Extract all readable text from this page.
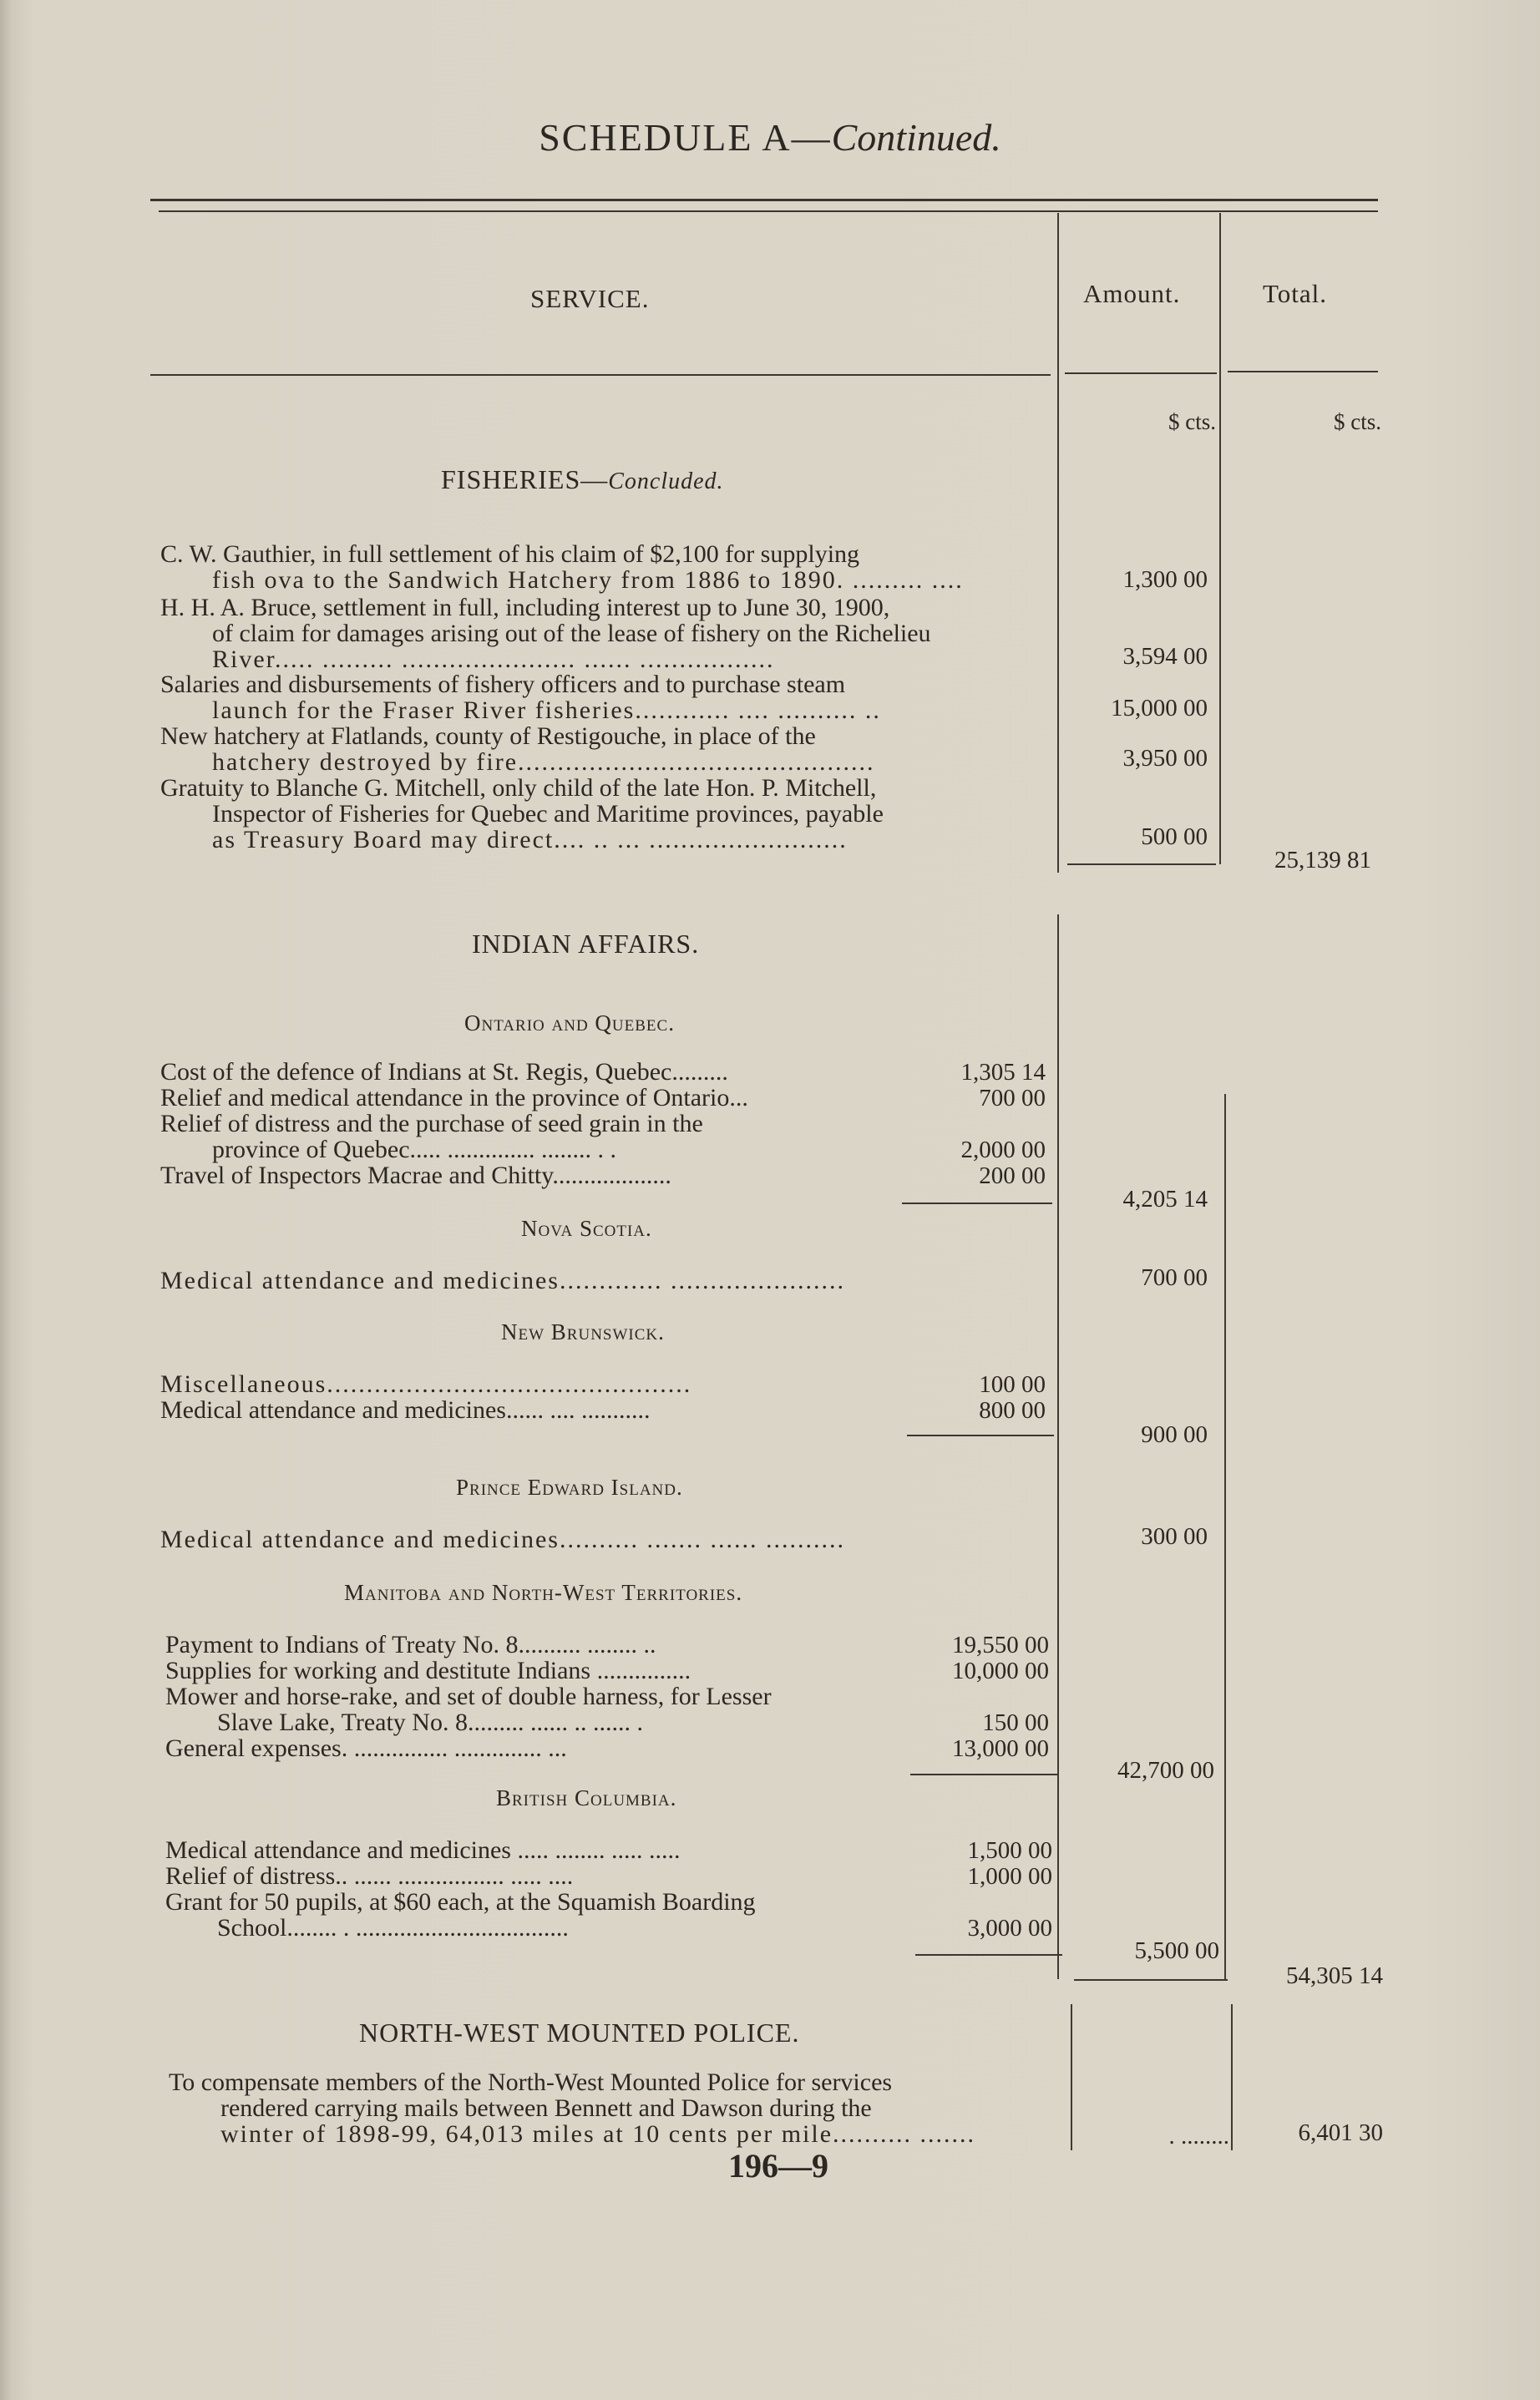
SCHEDULE A—Continued.
SERVICE.	Amount.	Total.
$ cts.	$ cts.
FISHERIES—Concluded.
C. W. Gauthier, in full settlement of his claim of $2,100 for supplying
fish ova to the Sandwich Hatchery from 1886 to 1890. ......... ....	1,300 00
H. H. A. Bruce, settlement in full, including interest up to June 30, 1900,
of claim for damages arising out of the lease of fishery on the Richelieu
River..... ......... ...................... ...... .................	3,594 00
Salaries and disbursements of fishery officers and to purchase steam
launch for the Fraser River fisheries............ .... .......... ..	15,000 00
New hatchery at Flatlands, county of Restigouche, in place of the
hatchery destroyed by fire.............................................	3,950 00
Gratuity to Blanche G. Mitchell, only child of the late Hon. P. Mitchell,
Inspector of Fisheries for Quebec and Maritime provinces, payable
as Treasury Board may direct.... .. ... .........................	500 00
25,139 81
INDIAN AFFAIRS.
Ontario and Quebec.
Cost of the defence of Indians at St. Regis, Quebec.........	1,305 14
Relief and medical attendance in the province of Ontario...	700 00
Relief of distress and the purchase of seed grain in the
province of Quebec..... .............. ........ . .	2,000 00
Travel of Inspectors Macrae and Chitty...................	200 00
4,205 14
Nova Scotia.
Medical attendance and medicines............. ......................	700 00
New Brunswick.
Miscellaneous..............................................	100 00
Medical attendance and medicines...... .... ...........	800 00
900 00
Prince Edward Island.
Medical attendance and medicines.......... ....... ...... ..........	300 00
Manitoba and North-West Territories.
Payment to Indians of Treaty No. 8.......... ........ ..	19,550 00
Supplies for working and destitute Indians ...............	10,000 00
Mower and horse-rake, and set of double harness, for Lesser
Slave Lake, Treaty No. 8......... ...... .. ...... .	150 00
General expenses. ............... .............. ...	13,000 00
42,700 00
British Columbia.
Medical attendance and medicines ..... ........ ..... .....	1,500 00
Relief of distress.. ...... ................. ..... ....	1,000 00
Grant for 50 pupils, at $60 each, at the Squamish Boarding
School........ . ..................................	3,000 00
5,500 00
54,305 14
NORTH-WEST MOUNTED POLICE.
To compensate members of the North-West Mounted Police for services
rendered carrying mails between Bennett and Dawson during the
winter of 1898-99, 64,013 miles at 10 cents per mile.......... .......	. ........	6,401 30
196—9
